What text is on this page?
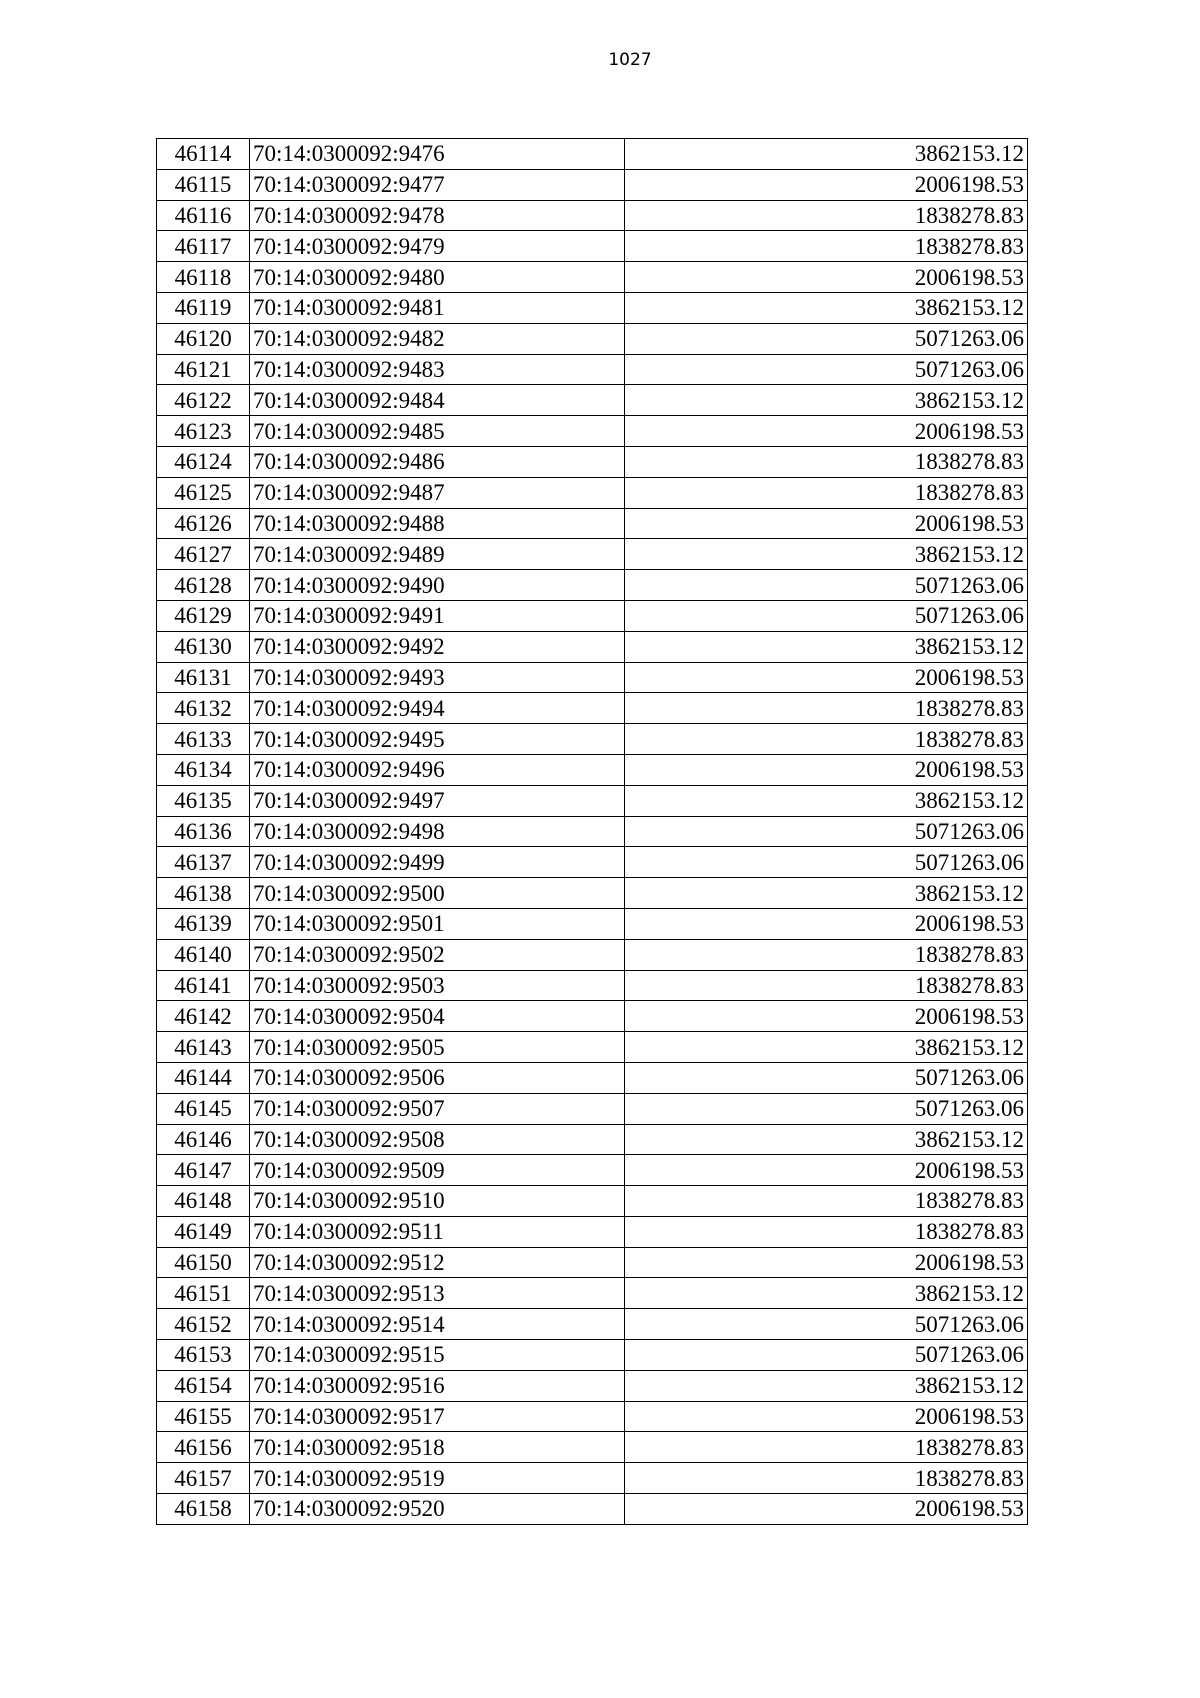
1027
46114	70:14:0300092:9476	3862153.12
46115	70:14:0300092:9477	2006198.53
46116	70:14:0300092:9478	1838278.83
46117	70:14:0300092:9479	1838278.83
46118	70:14:0300092:9480	2006198.53
46119	70:14:0300092:9481	3862153.12
46120	70:14:0300092:9482	5071263.06
46121	70:14:0300092:9483	5071263.06
46122	70:14:0300092:9484	3862153.12
46123	70:14:0300092:9485	2006198.53
46124	70:14:0300092:9486	1838278.83
46125	70:14:0300092:9487	1838278.83
46126	70:14:0300092:9488	2006198.53
46127	70:14:0300092:9489	3862153.12
46128	70:14:0300092:9490	5071263.06
46129	70:14:0300092:9491	5071263.06
46130	70:14:0300092:9492	3862153.12
46131	70:14:0300092:9493	2006198.53
46132	70:14:0300092:9494	1838278.83
46133	70:14:0300092:9495	1838278.83
46134	70:14:0300092:9496	2006198.53
46135	70:14:0300092:9497	3862153.12
46136	70:14:0300092:9498	5071263.06
46137	70:14:0300092:9499	5071263.06
46138	70:14:0300092:9500	3862153.12
46139	70:14:0300092:9501	2006198.53
46140	70:14:0300092:9502	1838278.83
46141	70:14:0300092:9503	1838278.83
46142	70:14:0300092:9504	2006198.53
46143	70:14:0300092:9505	3862153.12
46144	70:14:0300092:9506	5071263.06
46145	70:14:0300092:9507	5071263.06
46146	70:14:0300092:9508	3862153.12
46147	70:14:0300092:9509	2006198.53
46148	70:14:0300092:9510	1838278.83
46149	70:14:0300092:9511	1838278.83
46150	70:14:0300092:9512	2006198.53
46151	70:14:0300092:9513	3862153.12
46152	70:14:0300092:9514	5071263.06
46153	70:14:0300092:9515	5071263.06
46154	70:14:0300092:9516	3862153.12
46155	70:14:0300092:9517	2006198.53
46156	70:14:0300092:9518	1838278.83
46157	70:14:0300092:9519	1838278.83
46158	70:14:0300092:9520	2006198.53
